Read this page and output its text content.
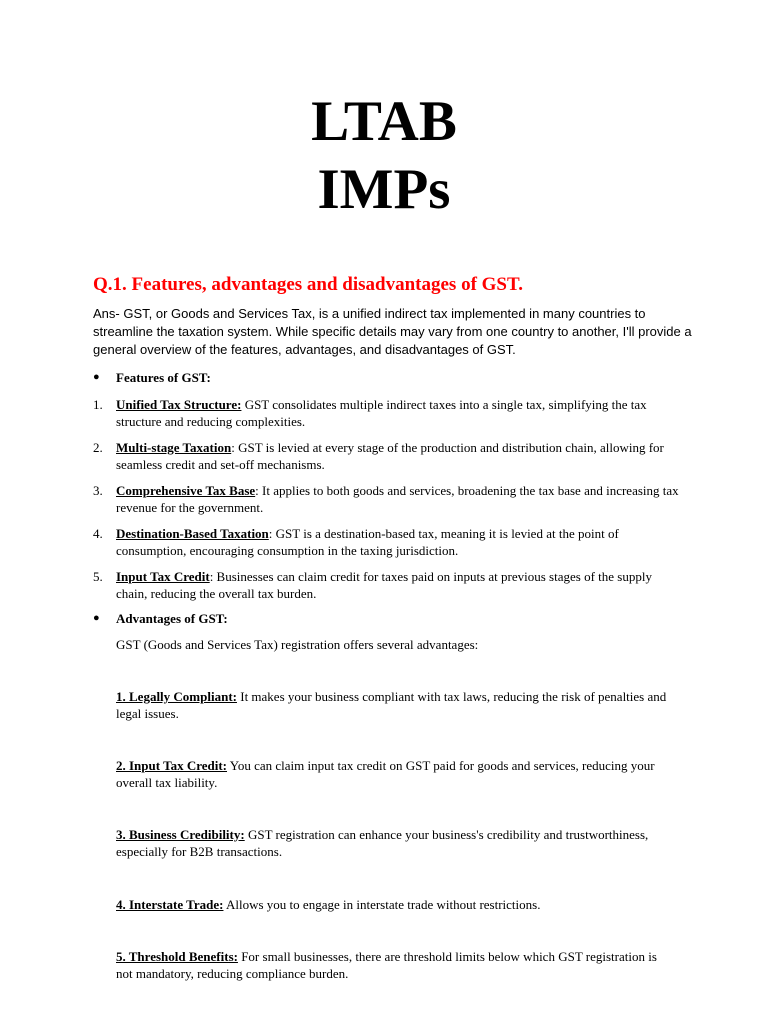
LTAB
IMPs
Q.1. Features, advantages and disadvantages of GST.
Ans- GST, or Goods and Services Tax, is a unified indirect tax implemented in many countries to streamline the taxation system. While specific details may vary from one country to another, I'll provide a general overview of the features, advantages, and disadvantages of GST.
● Features of GST:
1. Unified Tax Structure: GST consolidates multiple indirect taxes into a single tax, simplifying the tax structure and reducing complexities.
2. Multi-stage Taxation: GST is levied at every stage of the production and distribution chain, allowing for seamless credit and set-off mechanisms.
3. Comprehensive Tax Base: It applies to both goods and services, broadening the tax base and increasing tax revenue for the government.
4. Destination-Based Taxation: GST is a destination-based tax, meaning it is levied at the point of consumption, encouraging consumption in the taxing jurisdiction.
5. Input Tax Credit: Businesses can claim credit for taxes paid on inputs at previous stages of the supply chain, reducing the overall tax burden.
● Advantages of GST:
GST (Goods and Services Tax) registration offers several advantages:
1. Legally Compliant: It makes your business compliant with tax laws, reducing the risk of penalties and legal issues.
2. Input Tax Credit: You can claim input tax credit on GST paid for goods and services, reducing your overall tax liability.
3. Business Credibility: GST registration can enhance your business's credibility and trustworthiness, especially for B2B transactions.
4. Interstate Trade: Allows you to engage in interstate trade without restrictions.
5. Threshold Benefits: For small businesses, there are threshold limits below which GST registration is not mandatory, reducing compliance burden.
